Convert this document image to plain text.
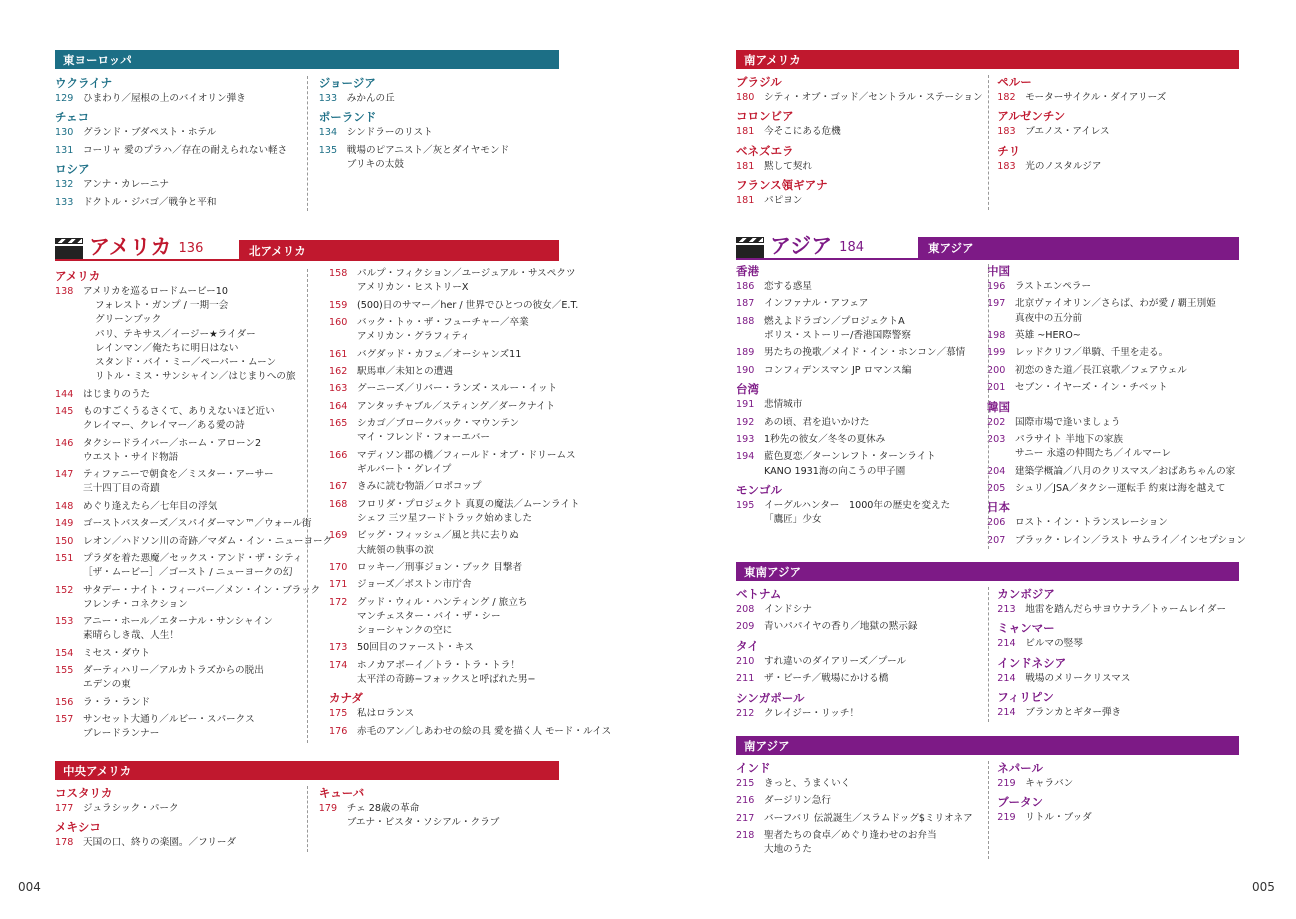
東ヨーロッパ
ウクライナ
129	ひまわり／屋根の上のバイオリン弾き
チェコ
130	グランド・ブダペスト・ホテル
131	コーリャ 愛のプラハ／存在の耐えられない軽さ
ロシア
132	アンナ・カレーニナ
133	ドクトル・ジバゴ／戦争と平和
ジョージア
133	みかんの丘
ポーランド
134	シンドラーのリスト
135	戦場のピアニスト／灰とダイヤモンド
ブリキの太鼓
アメリカ 136	北アメリカ
アメリカ
138	アメリカを巡るロードムービー10
フォレスト・ガンプ / 一期一会
グリーンブック
パリ、テキサス／イージー★ライダー
レインマン／俺たちに明日はない
スタンド・バイ・ミー／ペーパー・ムーン
リトル・ミス・サンシャイン／はじまりへの旅
144	はじまりのうた
145	ものすごくうるさくて、ありえないほど近い
クレイマー、クレイマー／ある愛の詩
146	タクシードライバー／ホーム・アローン2
ウエスト・サイド物語
147	ティファニーで朝食を／ミスター・アーサー
三十四丁目の奇蹟
148	めぐり逢えたら／七年目の浮気
149	ゴーストバスターズ／スパイダーマン™／ウォール街
150	レオン／ハドソン川の奇跡／マダム・イン・ニューヨーク
151	プラダを着た悪魔／セックス・アンド・ザ・シティ
［ザ・ムービー］／ゴースト / ニューヨークの幻
152	サタデー・ナイト・フィーバー／メン・イン・ブラック
フレンチ・コネクション
153	アニー・ホール／エターナル・サンシャイン
素晴らしき哉、人生！
154	ミセス・ダウト
155	ダーティハリー／アルカトラズからの脱出
エデンの東
156	ラ・ラ・ランド
157	サンセット大通り／ルビー・スパークス
ブレードランナー
158	パルプ・フィクション／ユージュアル・サスペクツ
アメリカン・ヒストリーX
159	(500)日のサマー／her / 世界でひとつの彼女／E.T.
160	バック・トゥ・ザ・フューチャー／卒業
アメリカン・グラフィティ
161	バグダッド・カフェ／オーシャンズ11
162	駅馬車／未知との遭遇
163	グーニーズ／リバー・ランズ・スルー・イット
164	アンタッチャブル／スティング／ダークナイト
165	シカゴ／ブロークバック・マウンテン
マイ・フレンド・フォーエバー
166	マディソン郡の橋／フィールド・オブ・ドリームス
ギルバート・グレイプ
167	きみに読む物語／ロボコップ
168	フロリダ・プロジェクト 真夏の魔法／ムーンライト
シェフ 三ツ星フードトラック始めました
169	ビッグ・フィッシュ／風と共に去りぬ
大統領の執事の涙
170	ロッキー／刑事ジョン・ブック 目撃者
171	ジョーズ／ボストン市庁舎
172	グッド・ウィル・ハンティング / 旅立ち
マンチェスター・バイ・ザ・シー
ショーシャンクの空に
173	50回目のファースト・キス
174	ホノカアボーイ／トラ・トラ・トラ！
太平洋の奇跡−フォックスと呼ばれた男−
カナダ
175	私はロランス
176	赤毛のアン／しあわせの絵の具 愛を描く人 モード・ルイス
中央アメリカ
コスタリカ
177	ジュラシック・パーク
メキシコ
178	天国の口、終りの楽園。／フリーダ
キューバ
179	チェ 28歳の革命
ブエナ・ビスタ・ソシアル・クラブ
004
南アメリカ
ブラジル
180	シティ・オブ・ゴッド／セントラル・ステーション
コロンビア
181	今そこにある危機
ベネズエラ
181	黙して契れ
フランス領ギアナ
181	パピヨン
ペルー
182	モーターサイクル・ダイアリーズ
アルゼンチン
183	ブエノス・アイレス
チリ
183	光のノスタルジア
アジア 184	東アジア
香港
186	恋する惑星
187	インファナル・アフェア
188	燃えよドラゴン／プロジェクトA
ポリス・ストーリー/香港国際警察
189	男たちの挽歌／メイド・イン・ホンコン／慕情
190	コンフィデンスマン JP ロマンス編
台湾
191	悲情城市
192	あの頃、君を追いかけた
193	1秒先の彼女／冬冬の夏休み
194	藍色夏恋／ターンレフト・ターンライト
KANO 1931海の向こうの甲子園
モンゴル
195	イーグルハンター　1000年の歴史を変えた
「鷹匠」少女
中国
196	ラストエンペラー
197	北京ヴァイオリン／さらば、わが愛 / 覇王別姫
真夜中の五分前
198	英雄 ~HERO~
199	レッドクリフ／単騎、千里を走る。
200	初恋のきた道／長江哀歌／フェアウェル
201	セブン・イヤーズ・イン・チベット
韓国
202	国際市場で逢いましょう
203	パラサイト 半地下の家族
サニー 永遠の仲間たち／イルマーレ
204	建築学概論／八月のクリスマス／おばあちゃんの家
205	シュリ／JSA／タクシー運転手 約束は海を越えて
日本
206	ロスト・イン・トランスレーション
207	ブラック・レイン／ラスト サムライ／インセプション
東南アジア
ベトナム
208	インドシナ
209	青いパパイヤの香り／地獄の黙示録
タイ
210	すれ違いのダイアリーズ／プール
211	ザ・ビーチ／戦場にかける橋
シンガポール
212	クレイジー・リッチ！
カンボジア
213	地雷を踏んだらサヨウナラ／トゥームレイダー
ミャンマー
214	ビルマの竪琴
インドネシア
214	戦場のメリークリスマス
フィリピン
214	ブランカとギター弾き
南アジア
インド
215	きっと、うまくいく
216	ダージリン急行
217	バーフバリ 伝説誕生／スラムドッグ$ミリオネア
218	聖者たちの食卓／めぐり逢わせのお弁当
大地のうた
ネパール
219	キャラバン
ブータン
219	リトル・ブッダ
005
